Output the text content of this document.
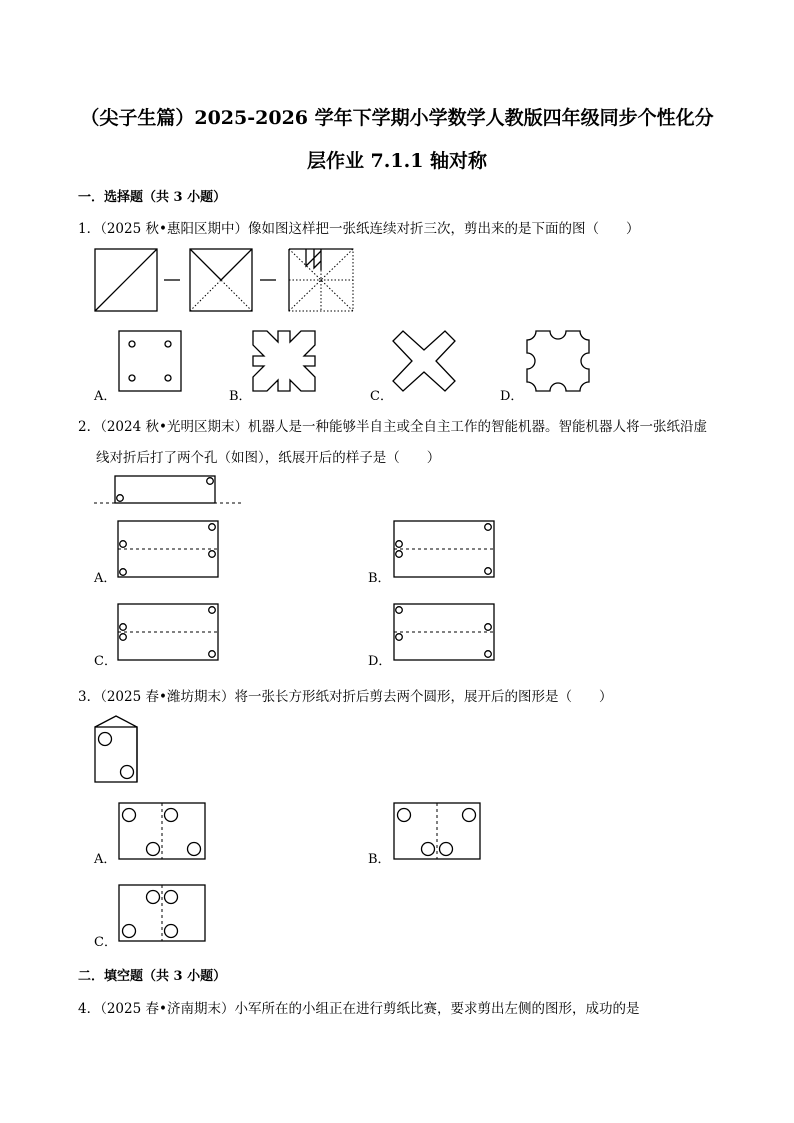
（尖子生篇）2025-2026 学年下学期小学数学人教版四年级同步个性化分
层作业 7.1.1 轴对称
一．选择题（共 3 小题）
1．（2025 秋•惠阳区期中）像如图这样把一张纸连续对折三次，剪出来的是下面的图（　　）
A．	B．	C．	D．
2．（2024 秋•光明区期末）机器人是一种能够半自主或全自主工作的智能机器。智能机器人将一张纸沿虚
线对折后打了两个孔（如图），纸展开后的样子是（　　）
A．	B．
C．	D．
3．（2025 春•潍坊期末）将一张长方形纸对折后剪去两个圆形，展开后的图形是（　　）
A．	B．
C．
二．填空题（共 3 小题）
4．（2025 春•济南期末）小军所在的小组正在进行剪纸比赛，要求剪出左侧的图形，成功的是
